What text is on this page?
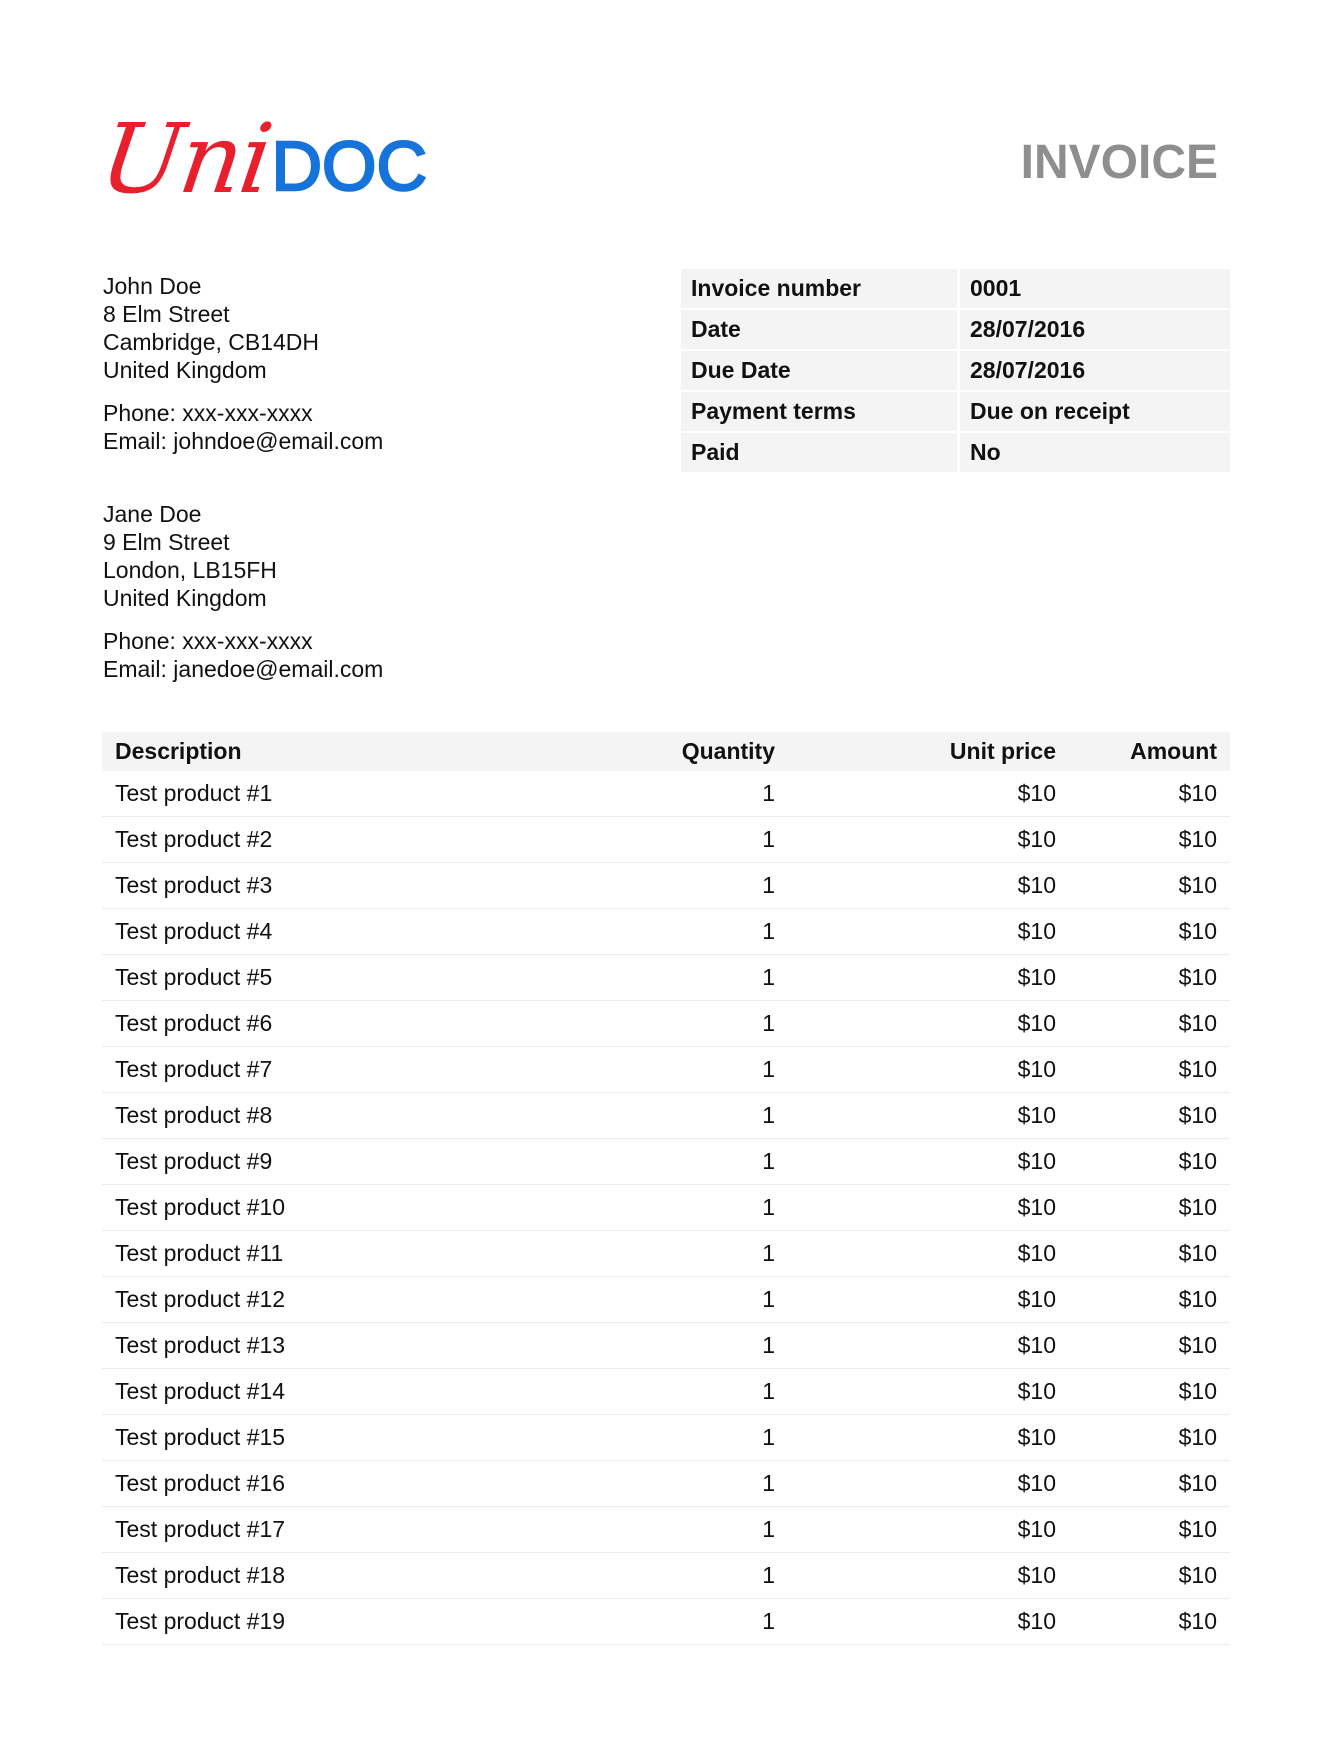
Uni
DOC	INVOICE
John Doe
8 Elm Street
Cambridge, CB14DH
United Kingdom
Phone: xxx-xxx-xxxx
Email: johndoe@email.com
Jane Doe
9 Elm Street
London, LB15FH
United Kingdom
Phone: xxx-xxx-xxxx
Email: janedoe@email.com
Invoice number	0001
Date	28/07/2016
Due Date	28/07/2016
Payment terms	Due on receipt
Paid	No
Description	Quantity	Unit price	Amount
Test product #1	1	$10	$10
Test product #2	1	$10	$10
Test product #3	1	$10	$10
Test product #4	1	$10	$10
Test product #5	1	$10	$10
Test product #6	1	$10	$10
Test product #7	1	$10	$10
Test product #8	1	$10	$10
Test product #9	1	$10	$10
Test product #10	1	$10	$10
Test product #11	1	$10	$10
Test product #12	1	$10	$10
Test product #13	1	$10	$10
Test product #14	1	$10	$10
Test product #15	1	$10	$10
Test product #16	1	$10	$10
Test product #17	1	$10	$10
Test product #18	1	$10	$10
Test product #19	1	$10	$10
